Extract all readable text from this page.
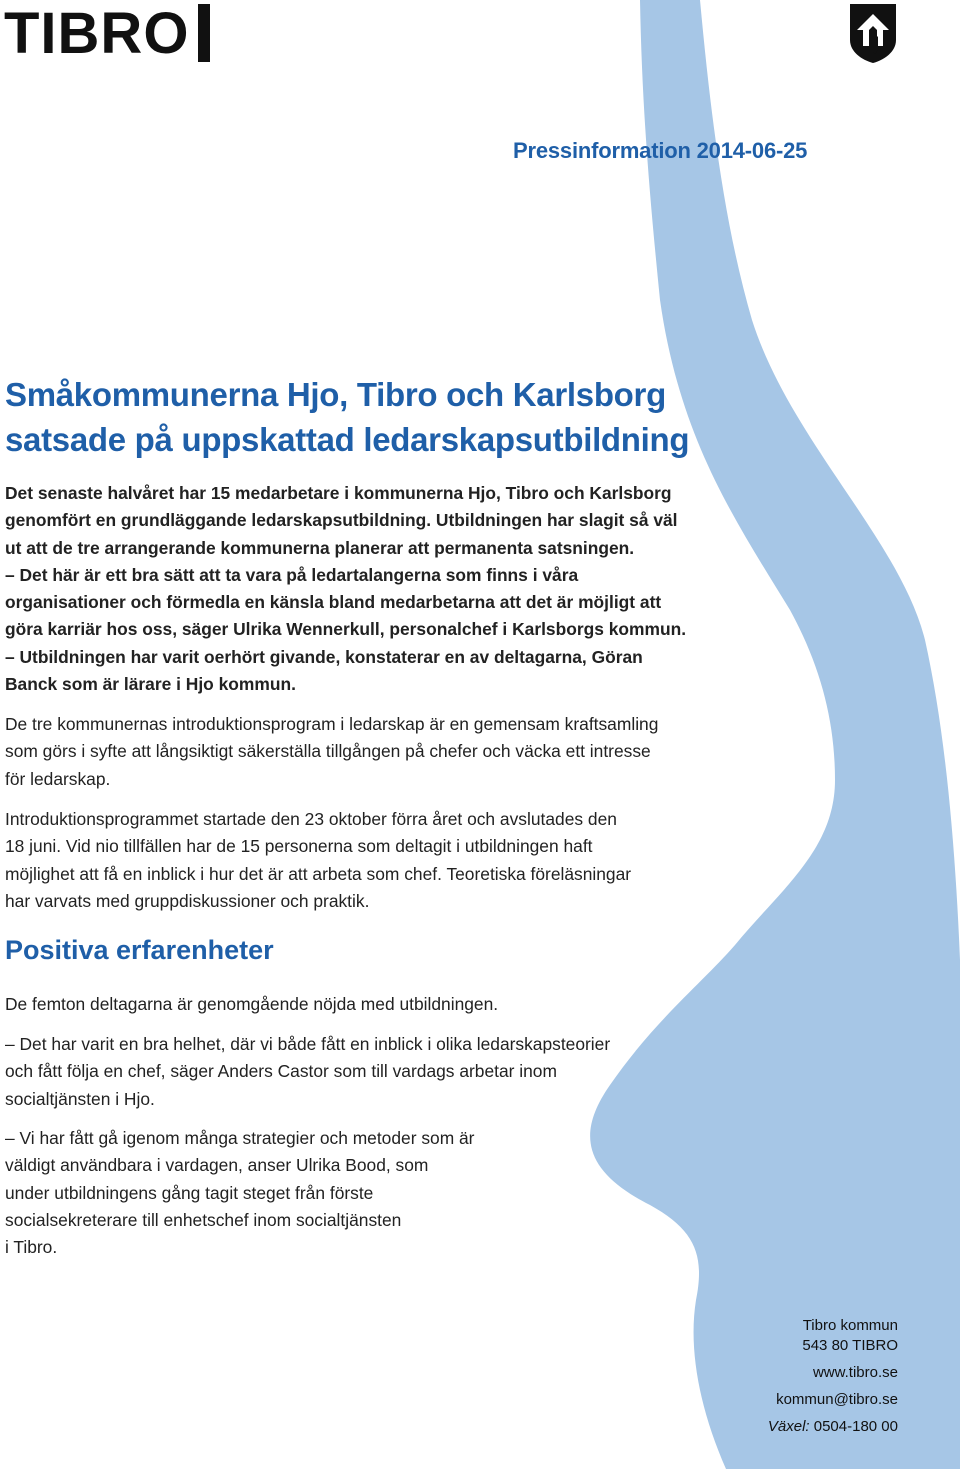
TIBRO

Pressinformation 2014-06-25

Småkommunerna Hjo, Tibro och Karlsborg
satsade på uppskattad ledarskapsutbildning

Det senaste halvåret har 15 medarbetare i kommunerna Hjo, Tibro och Karlsborg

genomfört en grundläggande ledarskapsutbildning. Utbildningen har slagit så väl

ut att de tre arrangerande kommunerna planerar att permanenta satsningen.

– Det här är ett bra sätt att ta vara på ledartalangerna som finns i våra

organisationer och förmedla en känsla bland medarbetarna att det är möjligt att

göra karriär hos oss, säger Ulrika Wennerkull, personalchef i Karlsborgs kommun.

– Utbildningen har varit oerhört givande, konstaterar en av deltagarna, Göran

Banck som är lärare i Hjo kommun.

De tre kommunernas introduktionsprogram i ledarskap är en gemensam kraftsamling

som görs i syfte att långsiktigt säkerställa tillgången på chefer och väcka ett intresse

för ledarskap.

Introduktionsprogrammet startade den 23 oktober förra året och avslutades den

18 juni. Vid nio tillfällen har de 15 personerna som deltagit i utbildningen haft

möjlighet att få en inblick i hur det är att arbeta som chef. Teoretiska föreläsningar

har varvats med gruppdiskussioner och praktik.

Positiva erfarenheter

De femton deltagarna är genomgående nöjda med utbildningen.

– Det har varit en bra helhet, där vi både fått en inblick i olika ledarskapsteorier

och fått följa en chef, säger Anders Castor som till vardags arbetar inom

socialtjänsten i Hjo.

– Vi har fått gå igenom många strategier och metoder som är

väldigt användbara i vardagen, anser Ulrika Bood, som

under utbildningens gång tagit steget från förste

socialsekreterare till enhetschef inom socialtjänsten

i Tibro.

Tibro kommun

543 80 TIBRO

www.tibro.se

kommun@tibro.se

Växel: 0504-180 00
